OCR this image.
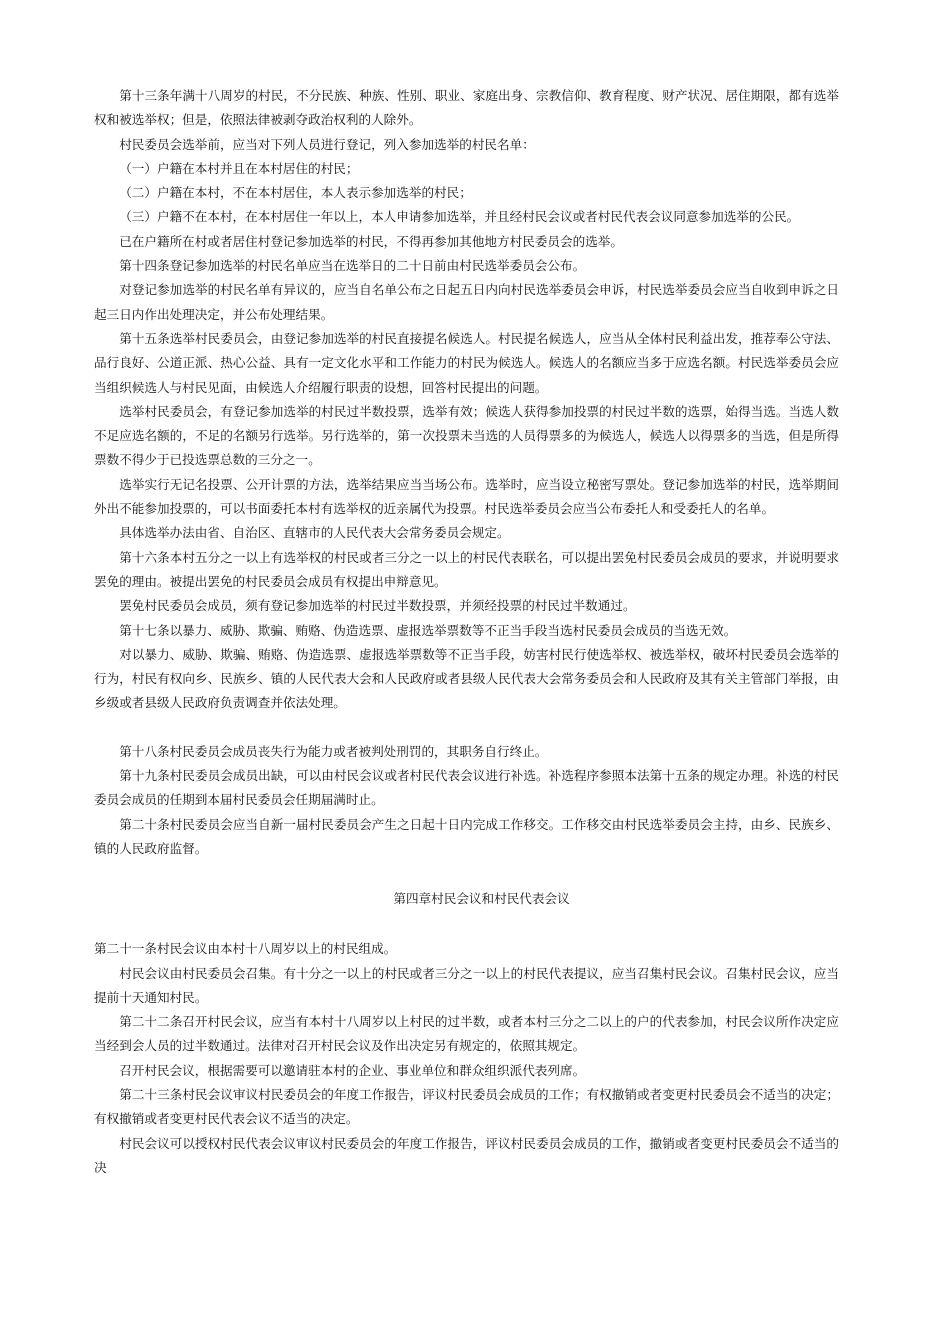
第十三条年满十八周岁的村民，不分民族、种族、性别、职业、家庭出身、宗教信仰、教育程度、财产状况、居住期限，都有选举权和被选举权；但是，依照法律被剥夺政治权利的人除外。

村民委员会选举前，应当对下列人员进行登记，列入参加选举的村民名单：

（一）户籍在本村并且在本村居住的村民；

（二）户籍在本村，不在本村居住，本人表示参加选举的村民；

（三）户籍不在本村，在本村居住一年以上，本人申请参加选举，并且经村民会议或者村民代表会议同意参加选举的公民。

已在户籍所在村或者居住村登记参加选举的村民，不得再参加其他地方村民委员会的选举。

第十四条登记参加选举的村民名单应当在选举日的二十日前由村民选举委员会公布。

对登记参加选举的村民名单有异议的，应当自名单公布之日起五日内向村民选举委员会申诉，村民选举委员会应当自收到申诉之日起三日内作出处理决定，并公布处理结果。

第十五条选举村民委员会，由登记参加选举的村民直接提名候选人。村民提名候选人，应当从全体村民利益出发，推荐奉公守法、品行良好、公道正派、热心公益、具有一定文化水平和工作能力的村民为候选人。候选人的名额应当多于应选名额。村民选举委员会应当组织候选人与村民见面，由候选人介绍履行职责的设想，回答村民提出的问题。

选举村民委员会，有登记参加选举的村民过半数投票，选举有效；候选人获得参加投票的村民过半数的选票，始得当选。当选人数不足应选名额的，不足的名额另行选举。另行选举的，第一次投票未当选的人员得票多的为候选人，候选人以得票多的当选，但是所得票数不得少于已投选票总数的三分之一。

选举实行无记名投票、公开计票的方法，选举结果应当当场公布。选举时，应当设立秘密写票处。登记参加选举的村民，选举期间外出不能参加投票的，可以书面委托本村有选举权的近亲属代为投票。村民选举委员会应当公布委托人和受委托人的名单。

具体选举办法由省、自治区、直辖市的人民代表大会常务委员会规定。

第十六条本村五分之一以上有选举权的村民或者三分之一以上的村民代表联名，可以提出罢免村民委员会成员的要求，并说明要求罢免的理由。被提出罢免的村民委员会成员有权提出申辩意见。

罢免村民委员会成员，须有登记参加选举的村民过半数投票，并须经投票的村民过半数通过。

第十七条以暴力、威胁、欺骗、贿赂、伪造选票、虚报选举票数等不正当手段当选村民委员会成员的当选无效。

对以暴力、威胁、欺骗、贿赂、伪造选票、虚报选举票数等不正当手段，妨害村民行使选举权、被选举权，破坏村民委员会选举的行为，村民有权向乡、民族乡、镇的人民代表大会和人民政府或者县级人民代表大会常务委员会和人民政府及其有关主管部门举报，由乡级或者县级人民政府负责调查并依法处理。

第十八条村民委员会成员丧失行为能力或者被判处刑罚的，其职务自行终止。

第十九条村民委员会成员出缺，可以由村民会议或者村民代表会议进行补选。补选程序参照本法第十五条的规定办理。补选的村民委员会成员的任期到本届村民委员会任期届满时止。

第二十条村民委员会应当自新一届村民委员会产生之日起十日内完成工作移交。工作移交由村民选举委员会主持，由乡、民族乡、镇的人民政府监督。

第四章村民会议和村民代表会议

第二十一条村民会议由本村十八周岁以上的村民组成。

村民会议由村民委员会召集。有十分之一以上的村民或者三分之一以上的村民代表提议，应当召集村民会议。召集村民会议，应当提前十天通知村民。

第二十二条召开村民会议，应当有本村十八周岁以上村民的过半数，或者本村三分之二以上的户的代表参加，村民会议所作决定应当经到会人员的过半数通过。法律对召开村民会议及作出决定另有规定的，依照其规定。

召开村民会议，根据需要可以邀请驻本村的企业、事业单位和群众组织派代表列席。

第二十三条村民会议审议村民委员会的年度工作报告，评议村民委员会成员的工作；有权撤销或者变更村民委员会不适当的决定；有权撤销或者变更村民代表会议不适当的决定。

村民会议可以授权村民代表会议审议村民委员会的年度工作报告，评议村民委员会成员的工作，撤销或者变更村民委员会不适当的决
